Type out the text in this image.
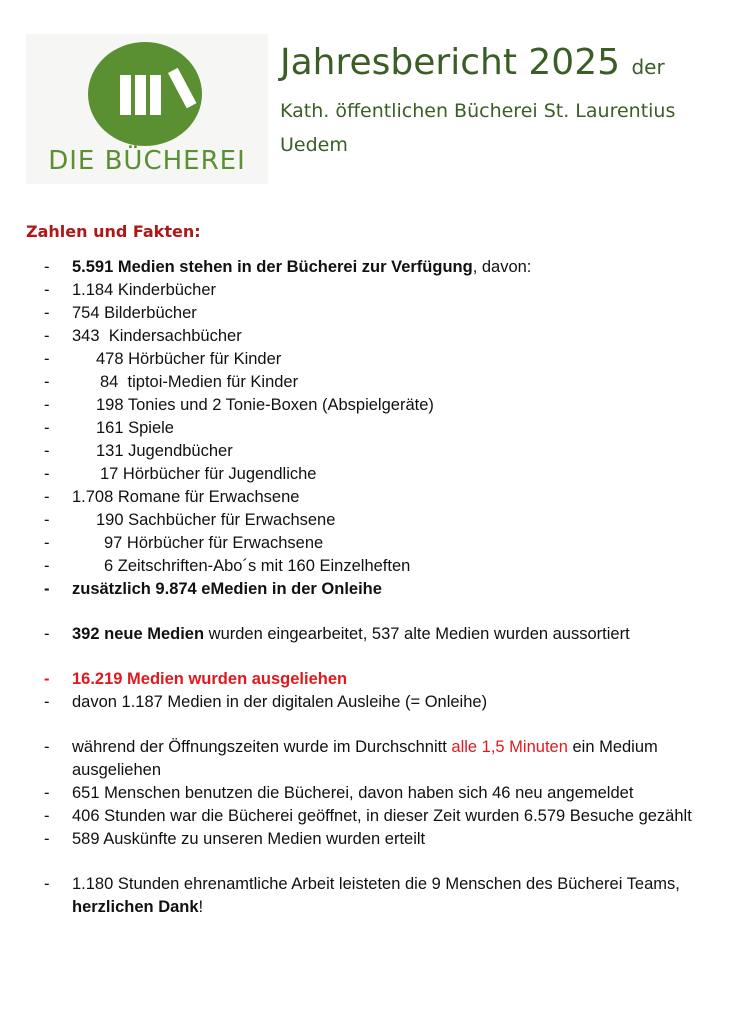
DIE BÜCHEREI
Jahresbericht 2025 der
Kath. öffentlichen Bücherei St. Laurentius
Uedem
Zahlen und Fakten:
- 5.591 Medien stehen in der Bücherei zur Verfügung, davon:
- 1.184 Kinderbücher
- 754 Bilderbücher
- 343  Kindersachbücher
-	478 Hörbücher für Kinder
-	84  tiptoi-Medien für Kinder
-	198 Tonies und 2 Tonie-Boxen (Abspielgeräte)
-	161 Spiele
-	131 Jugendbücher
-	17 Hörbücher für Jugendliche
- 1.708 Romane für Erwachsene
-	190 Sachbücher für Erwachsene
-	97 Hörbücher für Erwachsene
-	6 Zeitschriften-Abo´s mit 160 Einzelheften
- zusätzlich 9.874 eMedien in der Onleihe
- 392 neue Medien wurden eingearbeitet, 537 alte Medien wurden aussortiert
- 16.219 Medien wurden ausgeliehen
- davon 1.187 Medien in der digitalen Ausleihe (= Onleihe)
- während der Öffnungszeiten wurde im Durchschnitt alle 1,5 Minuten ein Medium ausgeliehen
- 651 Menschen benutzen die Bücherei, davon haben sich 46 neu angemeldet
- 406 Stunden war die Bücherei geöffnet, in dieser Zeit wurden 6.579 Besuche gezählt
- 589 Auskünfte zu unseren Medien wurden erteilt
- 1.180 Stunden ehrenamtliche Arbeit leisteten die 9 Menschen des Bücherei Teams, herzlichen Dank!
